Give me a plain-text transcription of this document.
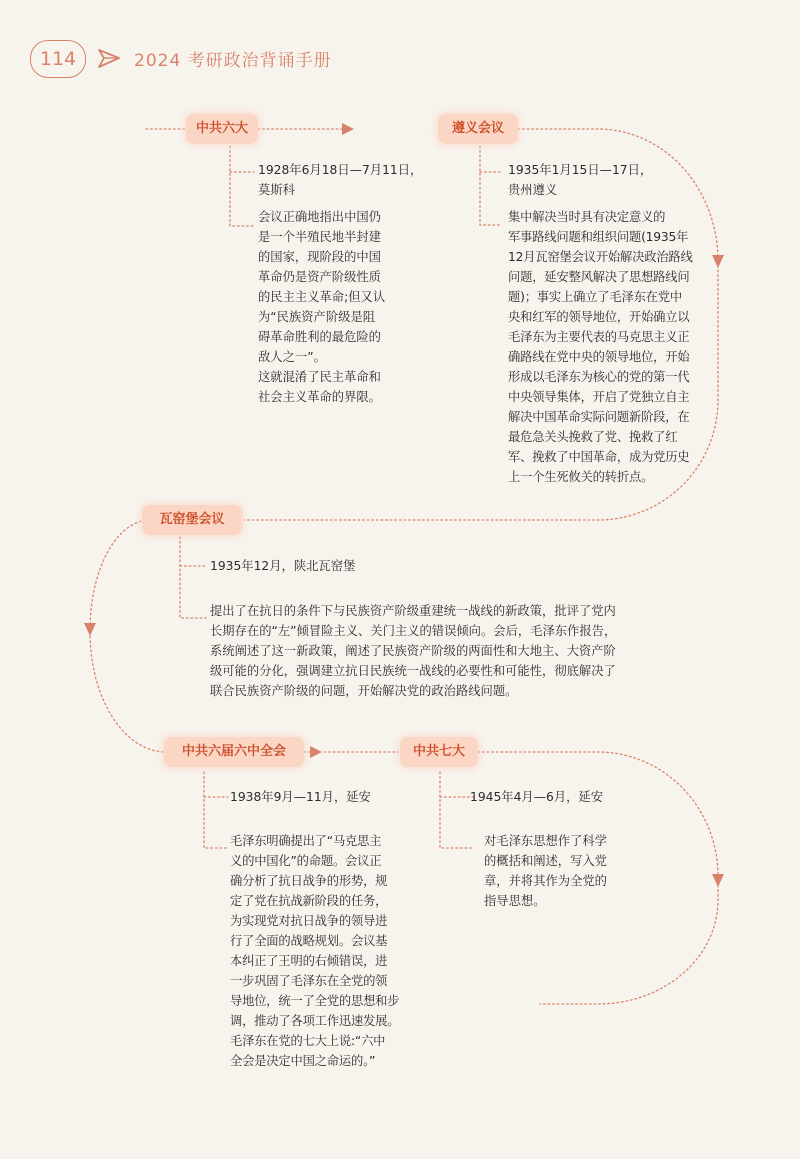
114	2024 考研政治背诵手册
中共六大
1928年6月18日—7月11日，
莫斯科
会议正确地指出中国仍
是一个半殖民地半封建
的国家，现阶段的中国
革命仍是资产阶级性质
的民主主义革命;但又认
为“民族资产阶级是阻
碍革命胜利的最危险的
敌人之一”。
这就混淆了民主革命和
社会主义革命的界限。
遵义会议
1935年1月15日—17日，
贵州遵义
集中解决当时具有决定意义的
军事路线问题和组织问题(1935年
12月瓦窑堡会议开始解决政治路线
问题，延安整风解决了思想路线问
题)；事实上确立了毛泽东在党中
央和红军的领导地位，开始确立以
毛泽东为主要代表的马克思主义正
确路线在党中央的领导地位，开始
形成以毛泽东为核心的党的第一代
中央领导集体，开启了党独立自主
解决中国革命实际问题新阶段，在
最危急关头挽救了党、挽救了红
军、挽救了中国革命，成为党历史
上一个生死攸关的转折点。
瓦窑堡会议
1935年12月，陕北瓦窑堡
提出了在抗日的条件下与民族资产阶级重建统一战线的新政策，批评了党内
长期存在的“左”倾冒险主义、关门主义的错误倾向。会后，毛泽东作报告，
系统阐述了这一新政策，阐述了民族资产阶级的两面性和大地主、大资产阶
级可能的分化，强调建立抗日民族统一战线的必要性和可能性，彻底解决了
联合民族资产阶级的问题，开始解决党的政治路线问题。
中共六届六中全会
1938年9月—11月，延安
毛泽东明确提出了“马克思主
义的中国化”的命题。会议正
确分析了抗日战争的形势，规
定了党在抗战新阶段的任务，
为实现党对抗日战争的领导进
行了全面的战略规划。会议基
本纠正了王明的右倾错误，进
一步巩固了毛泽东在全党的领
导地位，统一了全党的思想和步
调，推动了各项工作迅速发展。
毛泽东在党的七大上说:“六中
全会是决定中国之命运的。”
中共七大
1945年4月—6月，延安
对毛泽东思想作了科学
的概括和阐述，写入党
章，并将其作为全党的
指导思想。
